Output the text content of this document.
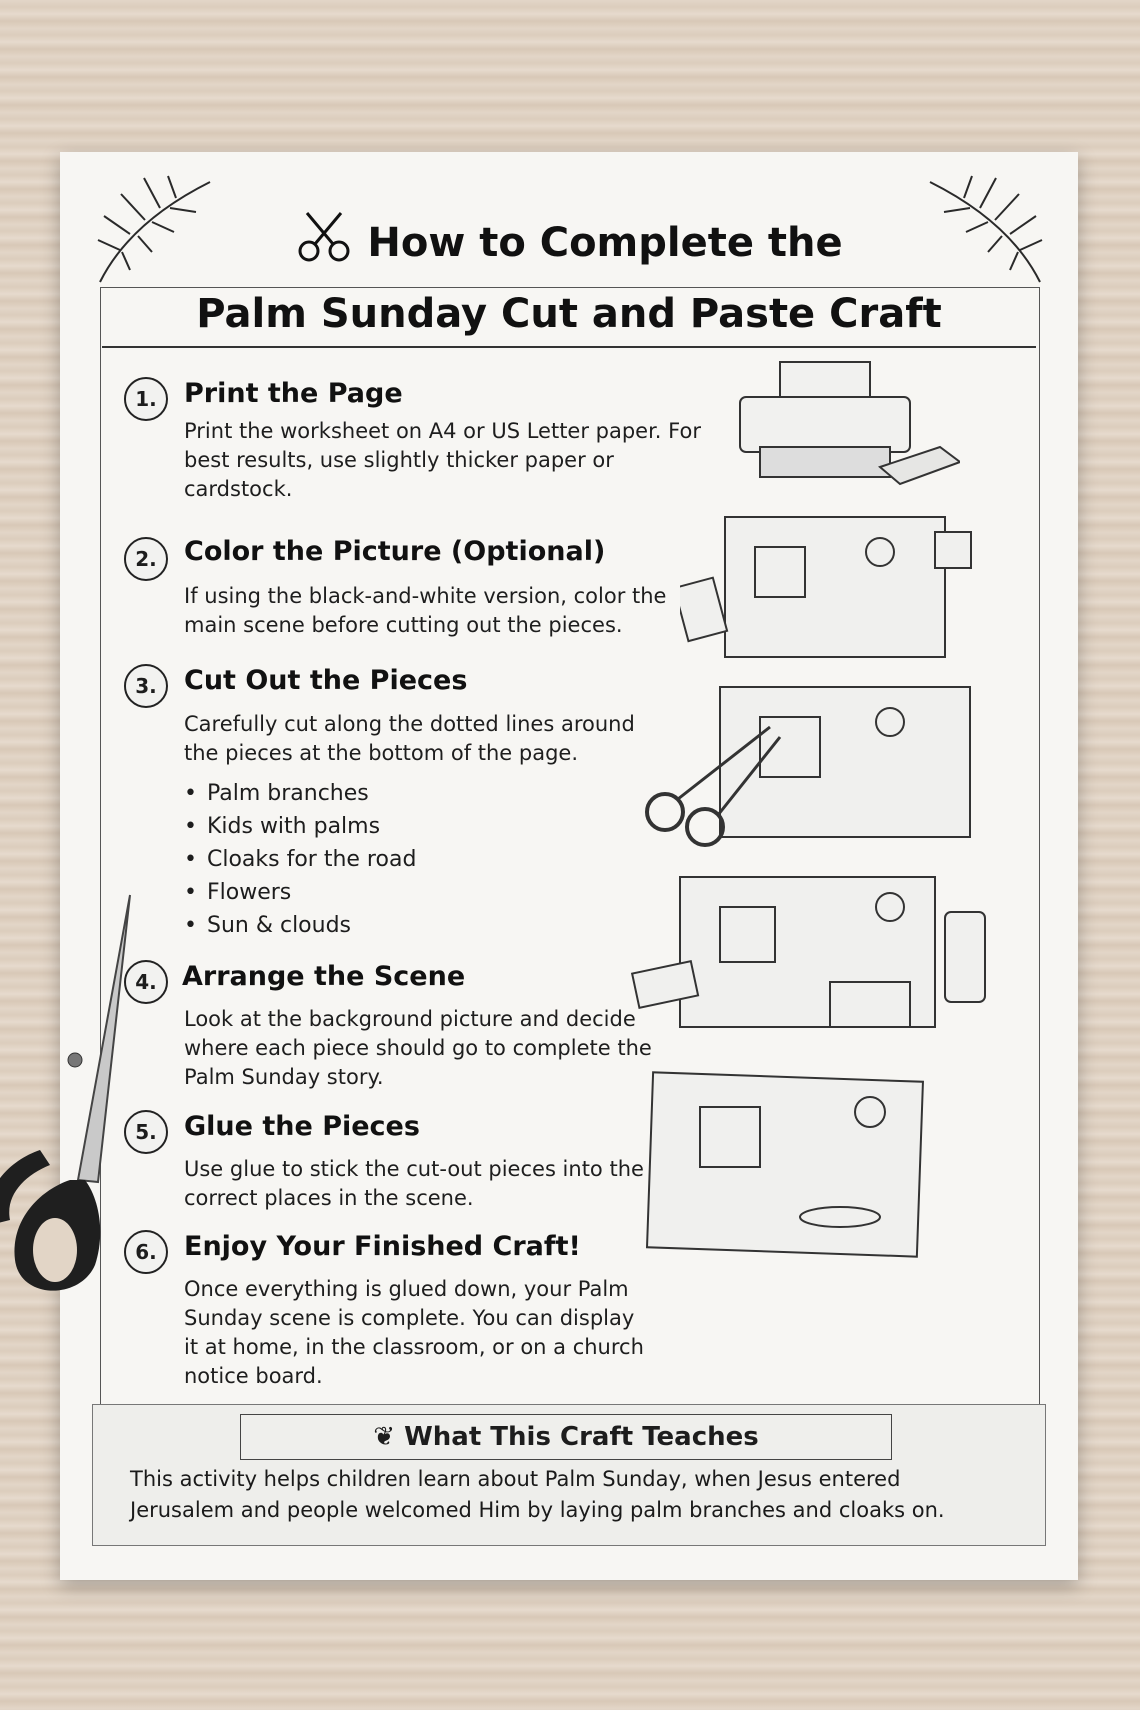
How to Complete the
Palm Sunday Cut and Paste Craft
1.	Print the Page
Print the worksheet on A4 or US Letter paper. For best results, use slightly thicker paper or cardstock.
2.	Color the Picture (Optional)
If using the black-and-white version, color the main scene before cutting out the pieces.
3.	Cut Out the Pieces
Carefully cut along the dotted lines around the pieces at the bottom of the page.
• Palm branches
• Kids with palms
• Cloaks for the road
• Flowers
• Sun & clouds
4. Arrange the Scene
Look at the background picture and decide where each piece should go to complete the Palm Sunday story.
5.	Glue the Pieces
Use glue to stick the cut-out pieces into the correct places in the scene.
6.	Enjoy Your Finished Craft!
Once everything is glued down, your Palm Sunday scene is complete. You can display it at home, in the classroom, or on a church notice board.
❦ What This Craft Teaches
This activity helps children learn about Palm Sunday, when Jesus entered Jerusalem and people welcomed Him by laying palm branches and cloaks on.
